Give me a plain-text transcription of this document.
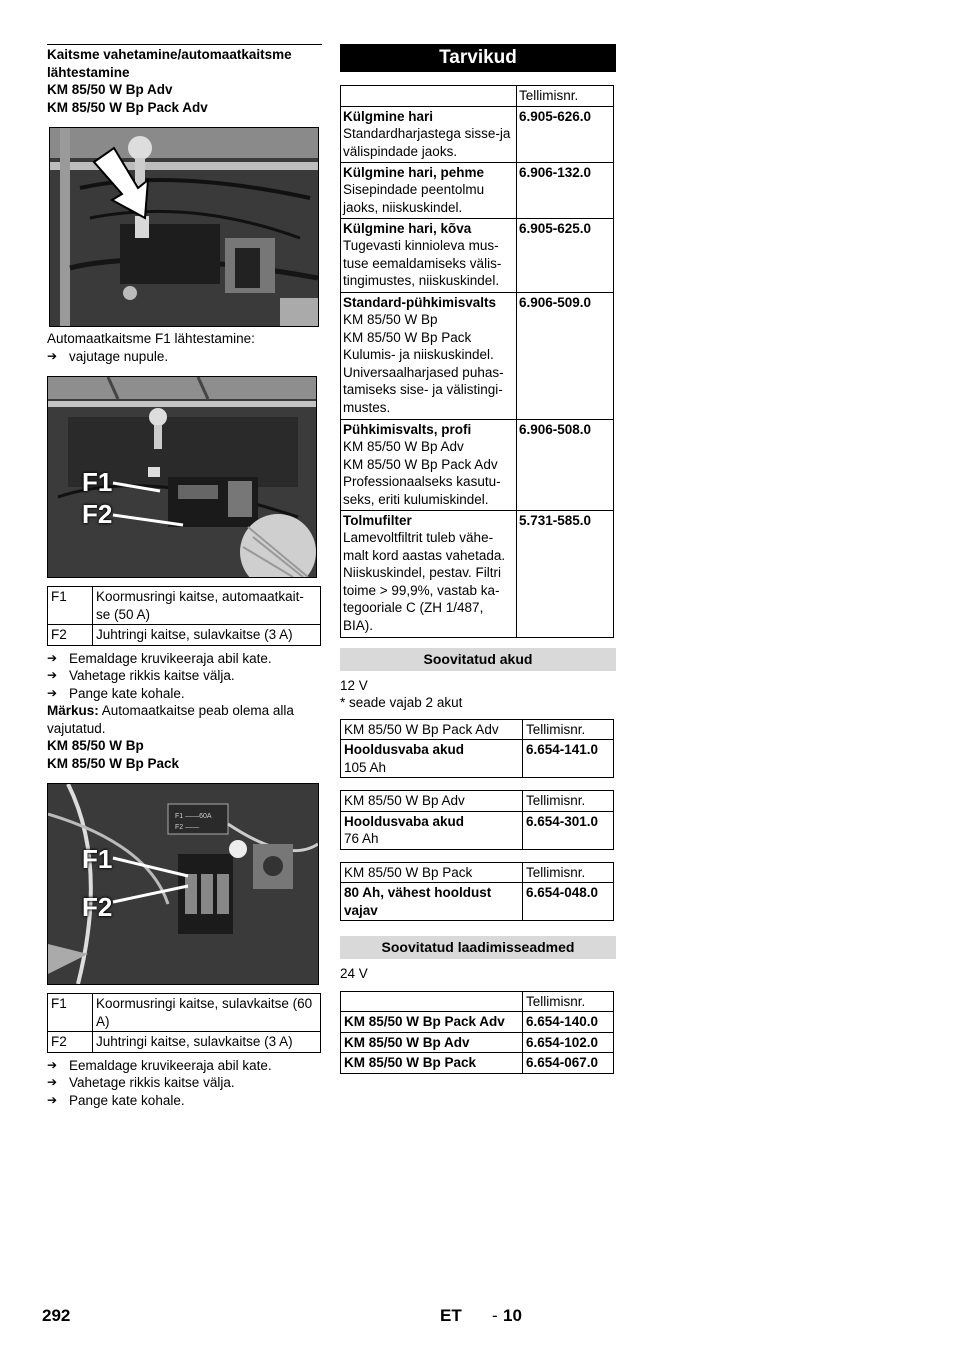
Kaitsme vahetamine/automaatkaitsme
lähtestamine
KM 85/50 W Bp Adv
KM 85/50 W Bp Pack Adv
Automaatkaitsme F1 lähtestamine:
➔ vajutage nupule.
F1
F2
F1	Koormusringi kaitse, automaatkait-se (50 A)
F2	Juhtringi kaitse, sulavkaitse (3 A)
➔ Eemaldage kruvikeeraja abil kate.
➔ Vahetage rikkis kaitse välja.
➔ Pange kate kohale.
Märkus: Automaatkaitse peab olema alla vajutatud.
KM 85/50 W Bp
KM 85/50 W Bp Pack
F1 ——60A
F2 ——
F1
F2
F1	Koormusringi kaitse, sulavkaitse (60 A)
F2	Juhtringi kaitse, sulavkaitse (3 A)
➔ Eemaldage kruvikeeraja abil kate.
➔ Vahetage rikkis kaitse välja.
➔ Pange kate kohale.
Tarvikud
	Tellimisnr.

Külgmine hari
Standardharjastega sisse-ja välispindade jaoks.	6.905-626.0

Külgmine hari, pehme
Sisepindade peentolmu jaoks, niiskuskindel.	6.906-132.0

Külgmine hari, kõva
Tugevasti kinnioleva mus-tuse eemaldamiseks välis-tingimustes, niiskuskindel.	6.905-625.0

Standard-pühkimisvalts
KM 85/50 W Bp
KM 85/50 W Bp Pack
Kulumis- ja niiskuskindel. Universaalharjased puhas-tamiseks sise- ja välistingi-mustes.	6.906-509.0

Pühkimisvalts, profi
KM 85/50 W Bp Adv
KM 85/50 W Bp Pack Adv
Professionaalseks kasutu-seks, eriti kulumiskindel.	6.906-508.0

Tolmufilter
Lamevoltfiltrit tuleb vähe-malt kord aastas vahetada. Niiskuskindel, pestav. Filtri toime > 99,9%, vastab ka-tegooriale C (ZH 1/487, BIA).	5.731-585.0
Soovitatud akud
12 V
* seade vajab 2 akut
KM 85/50 W Bp Pack Adv	Tellimisnr.

Hooldusvaba akud
105 Ah	6.654-141.0
KM 85/50 W Bp Adv	Tellimisnr.

Hooldusvaba akud
76 Ah	6.654-301.0
KM 85/50 W Bp Pack	Tellimisnr.

80 Ah, vähest hooldust vajav	6.654-048.0
Soovitatud laadimisseadmed
24 V
	Tellimisnr.
KM 85/50 W Bp Pack Adv	6.654-140.0
KM 85/50 W Bp Adv	6.654-102.0
KM 85/50 W Bp Pack	6.654-067.0
292	ET - 10
